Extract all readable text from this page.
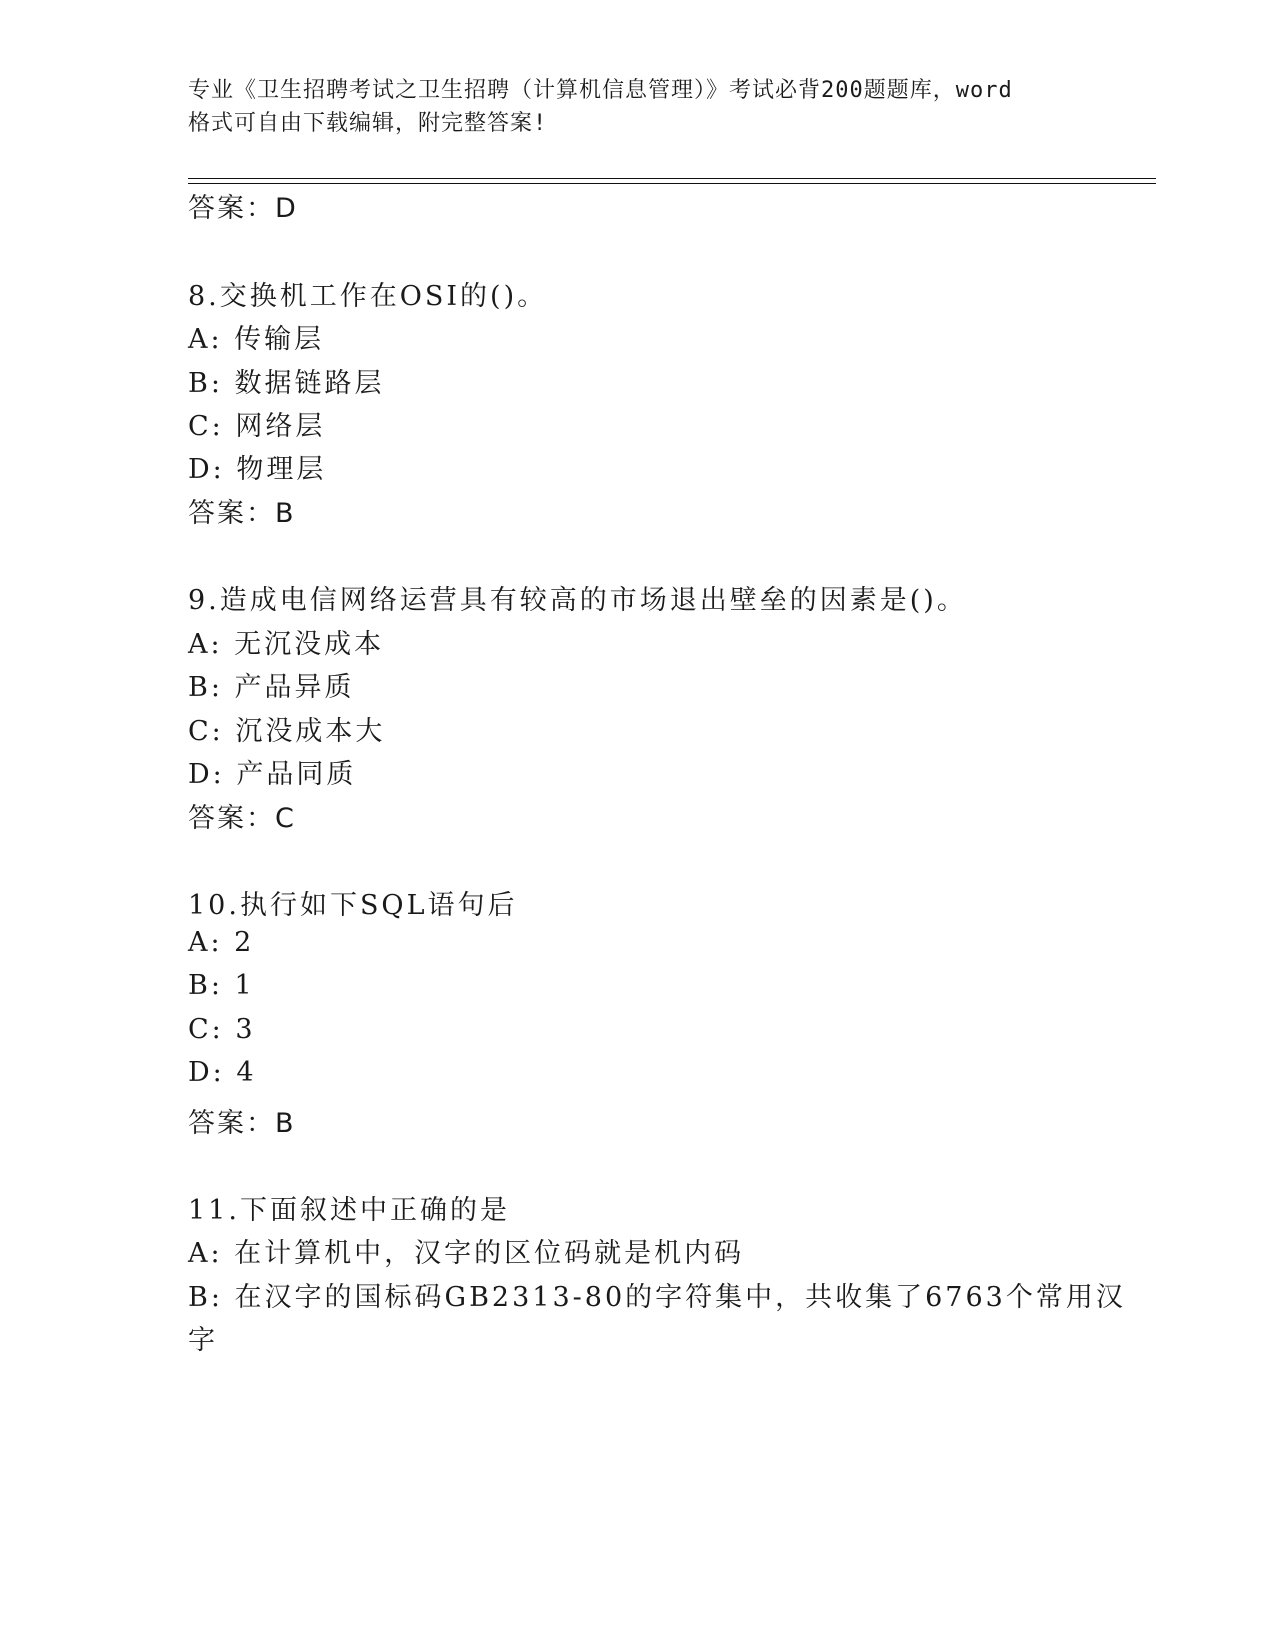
专业《卫生招聘考试之卫生招聘（计算机信息管理）》考试必背200题题库，word
格式可自由下载编辑，附完整答案!
答案：D
8.交换机工作在OSI的()。
A: 传输层
B: 数据链路层
C: 网络层
D: 物理层
答案：B
9.造成电信网络运营具有较高的市场退出壁垒的因素是()。
A: 无沉没成本
B: 产品异质
C: 沉没成本大
D: 产品同质
答案：C
10.执行如下SQL语句后
A: 2
B: 1
C: 3
D: 4
答案：B
11.下面叙述中正确的是
A: 在计算机中，汉字的区位码就是机内码
B: 在汉字的国标码GB2313-80的字符集中，共收集了6763个常用汉
字
